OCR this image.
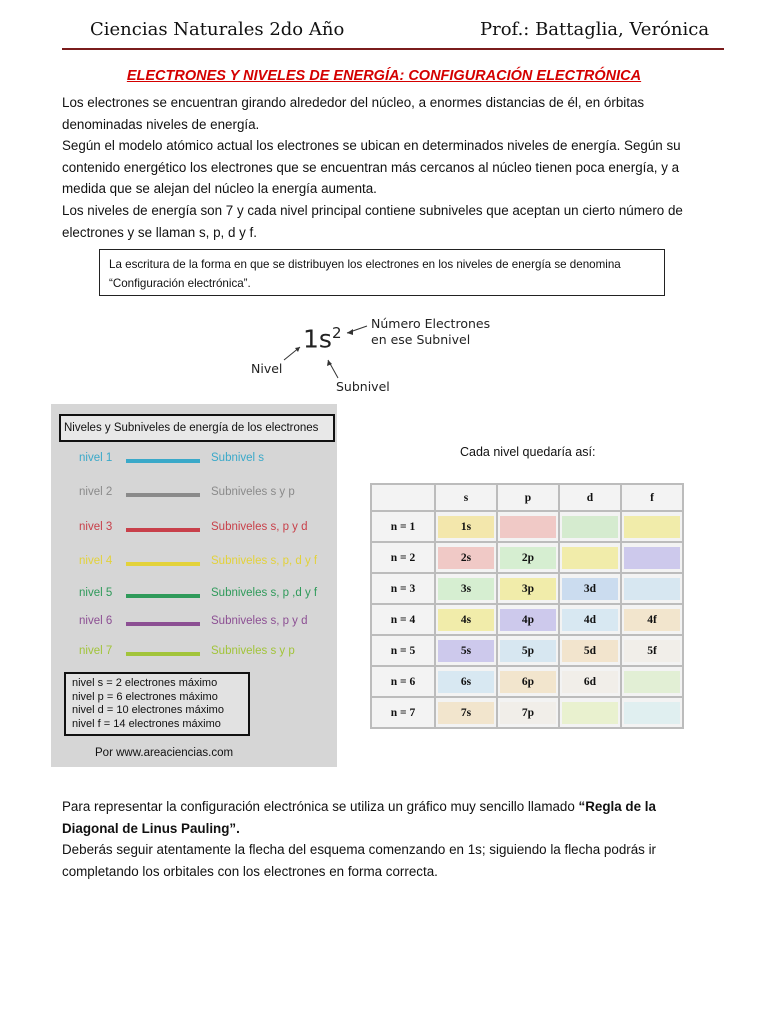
Ciencias Naturales 2do Año	Prof.: Battaglia, Verónica
ELECTRONES Y NIVELES DE ENERGÍA: CONFIGURACIÓN ELECTRÓNICA

Los electrones se encuentran girando alrededor del núcleo, a enormes distancias de él, en órbitas denominadas niveles de energía.

Según el modelo atómico actual los electrones se ubican en determinados niveles de energía. Según su contenido energético los electrones que se encuentran más cercanos al núcleo tienen poca energía, y a medida que se alejan del núcleo la energía aumenta.

Los niveles de energía son 7 y cada nivel principal contiene subniveles que aceptan un cierto número de electrones y se llaman s, p, d y f.

La escritura de la forma en que se distribuyen los electrones en los niveles de energía se denomina “Configuración electrónica”.
$1s^2$
Número Electrones
en ese Subnivel
Nivel
Subnivel
Niveles y Subniveles de energía de los electrones
nivel 1	Subnivel s
nivel 2	Subniveles s y p
nivel 3	Subniveles s, p y d
nivel 4	Subniveles s, p, d y f
nivel 5	Subniveles s, p ,d y f
nivel 6	Subniveles s, p y d
nivel 7	Subniveles s y p
nivel s = 2 electrones máximo
nivel p = 6 electrones máximo
nivel d = 10 electrones máximo
nivel f = 14 electrones máximo
Por www.areaciencias.com
Cada nivel quedaría así:
	s	p	d	f
n = 1	1s			

n = 2	2s	2p		

n = 3	3s	3p	3d	

n = 4	4s	4p	4d	4f

n = 5	5s	5p	5d	5f

n = 6	6s	6p	6d	

n = 7	7s	7p		

Para representar la configuración electrónica se utiliza un gráfico muy sencillo llamado “Regla de la Diagonal de Linus Pauling”.

Deberás seguir atentamente la flecha del esquema comenzando en 1s; siguiendo la flecha podrás ir completando los orbitales con los electrones en forma correcta.
